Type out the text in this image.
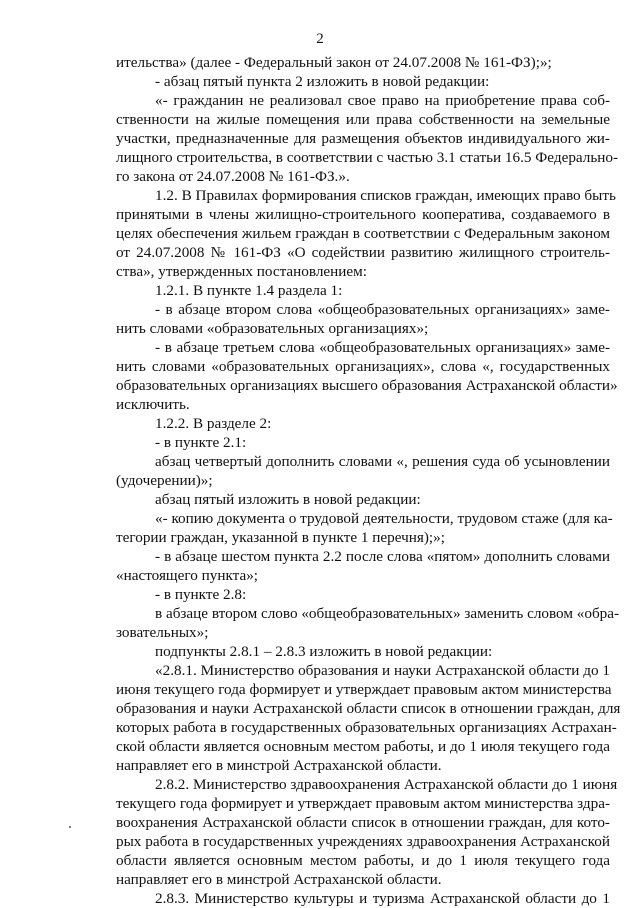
2
ительства» (далее - Федеральный закон от 24.07.2008 № 161-ФЗ);»;
- абзац пятый пункта 2 изложить в новой редакции:
«- гражданин не реализовал свое право на приобретение права соб-
ственности на жилые помещения или права собственности на земельные
участки, предназначенные для размещения объектов индивидуального жи-
лищного строительства, в соответствии с частью 3.1 статьи 16.5 Федерально-
го закона от 24.07.2008 № 161-ФЗ.».
1.2. В Правилах формирования списков граждан, имеющих право быть
принятыми в члены жилищно-строительного кооператива, создаваемого в
целях обеспечения жильем граждан в соответствии с Федеральным законом
от 24.07.2008 № 161-ФЗ «О содействии развитию жилищного строитель-
ства», утвержденных постановлением:
1.2.1. В пункте 1.4 раздела 1:
- в абзаце втором слова «общеобразовательных организациях» заме-
нить словами «образовательных организациях»;
- в абзаце третьем слова «общеобразовательных организациях» заме-
нить словами «образовательных организациях», слова «, государственных
образовательных организациях высшего образования Астраханской области»
исключить.
1.2.2. В разделе 2:
- в пункте 2.1:
абзац четвертый дополнить словами «, решения суда об усыновлении
(удочерении)»;
абзац пятый изложить в новой редакции:
«- копию документа о трудовой деятельности, трудовом стаже (для ка-
тегории граждан, указанной в пункте 1 перечня);»;
- в абзаце шестом пункта 2.2 после слова «пятом» дополнить словами
«настоящего пункта»;
- в пункте 2.8:
в абзаце втором слово «общеобразовательных» заменить словом «обра-
зовательных»;
подпункты 2.8.1 – 2.8.3 изложить в новой редакции:
«2.8.1. Министерство образования и науки Астраханской области до 1
июня текущего года формирует и утверждает правовым актом министерства
образования и науки Астраханской области список в отношении граждан, для
которых работа в государственных образовательных организациях Астрахан-
ской области является основным местом работы, и до 1 июля текущего года
направляет его в минстрой Астраханской области.
2.8.2. Министерство здравоохранения Астраханской области до 1 июня
текущего года формирует и утверждает правовым актом министерства здра-
воохранения Астраханской области список в отношении граждан, для кото-
рых работа в государственных учреждениях здравоохранения Астраханской
области является основным местом работы, и до 1 июля текущего года
направляет его в минстрой Астраханской области.
2.8.3. Министерство культуры и туризма Астраханской области до 1
